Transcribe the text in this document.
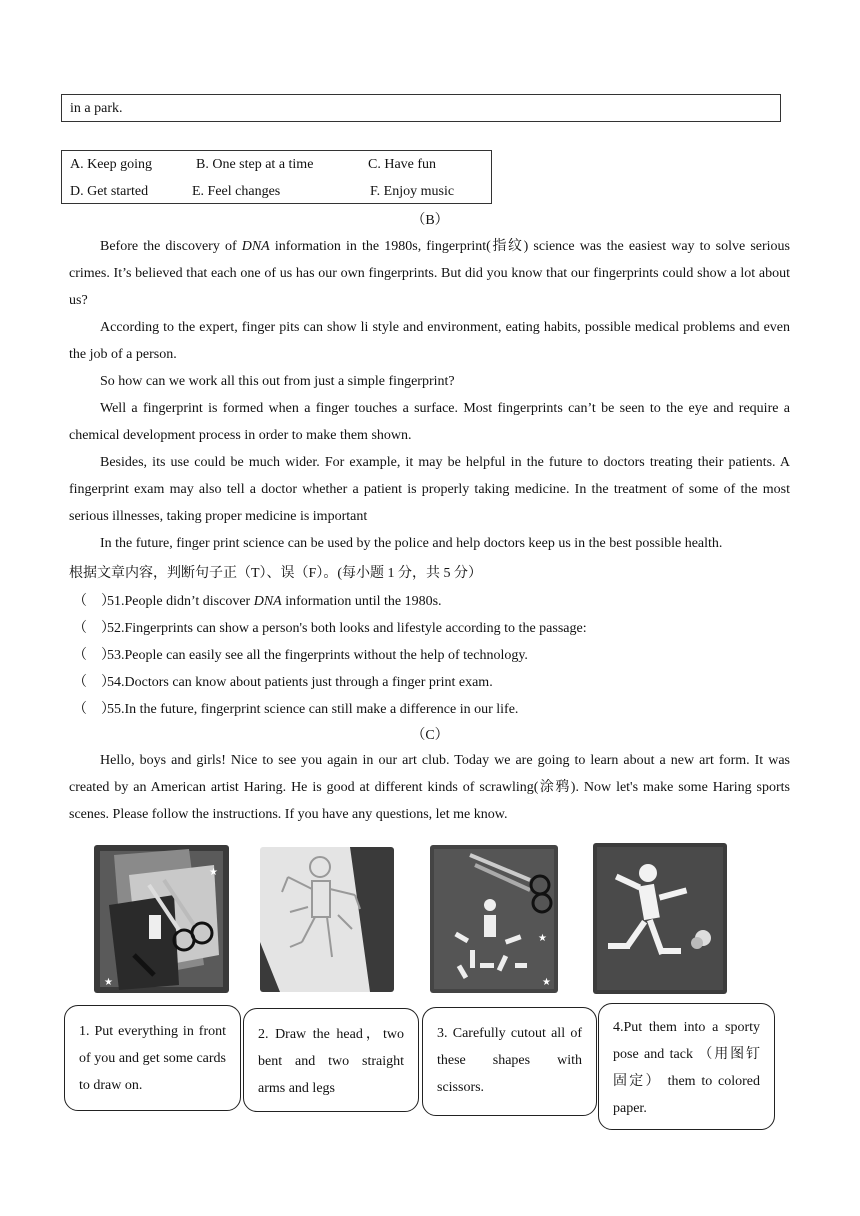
in a park.
A. Keep going	B. One step at a time	C. Have fun
D. Get started	E. Feel changes	F. Enjoy music
（B）

Before the discovery of DNA information in the 1980s, fingerprint(指纹) science was the easiest way to solve serious crimes. It’s believed that each one of us has our own fingerprints. But did you know that our fingerprints could show a lot about us?

According to the expert, finger pits can show li style and environment, eating habits, possible medical problems and even the job of a person.

So how can we work all this out from just a simple fingerprint?

Well a fingerprint is formed when a finger touches a surface. Most fingerprints can’t be seen to the eye and require a chemical development process in order to make them shown.

Besides, its use could be much wider. For example, it may be helpful in the future to doctors treating their patients. A fingerprint exam may also tell a doctor whether a patient is properly taking medicine. In the treatment of some of the most serious illnesses, taking proper medicine is important

In the future, finger print science can be used by the police and help doctors keep us in the best possible health.

根据文章内容，判断句子正（T）、误（F）。(每小题 1 分，共 5 分）
（　）51.People didn’t discover DNA information until the 1980s.
（　）52.Fingerprints can show a person's both looks and lifestyle according to the passage:
（　）53.People can easily see all the fingerprints without the help of technology.
（　）54.Doctors can know about patients just through a finger print exam.
（　）55.In the future, fingerprint science can still make a difference in our life.
（C）

Hello, boys and girls! Nice to see you again in our art club. Today we are going to learn about a new art form. It was created by an American artist Haring. He is good at different kinds of scrawling(涂鸦). Now let's make some Haring sports scenes. Please follow the instructions. If you have any questions, let me know.

★
★
★
★
1. Put everything in front of you and get some cards to draw on.
2. Draw the head，two bent and two straight arms and legs
3. Carefully cutout all of these shapes with scissors.
4.Put them into a sporty pose and tack （用图钉固定） them to colored paper.
